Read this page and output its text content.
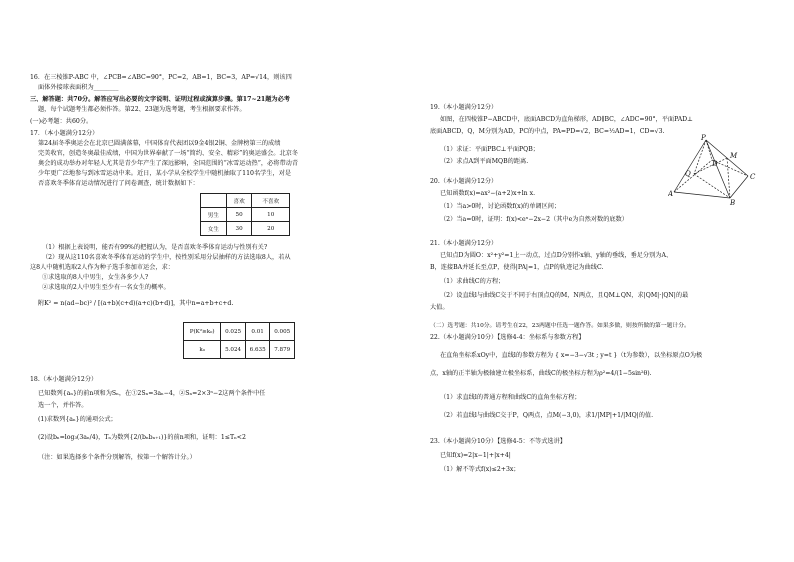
16．在三棱锥P-ABC 中，∠PCB=∠ABC=90°，PC=2，AB=1，BC=3，AP=√14，则该四
面体外接球表面积为________
三、解答题：共70分。解答应写出必要的文字说明、证明过程或演算步骤。第17~21题为必考
题，每个试题考生都必须作答。第22、23题为选考题，考生根据要求作答。
(一)必考题：共60分。
17．（本小题满分12分）
第24届冬季奥运会在北京已圆满落幕，中国体育代表团以9金4银2铜、金牌榜第三的成绩
完美收官，创造冬奥最佳成绩，中国为世界奉献了一场“简约、安全、精彩”的奥运盛会。北京冬
奥会的成功举办对年轻人尤其是青少年产生了深远影响，全国范围的“冰雪运动热”，必将带动青
少年更广泛地参与到冰雪运动中来。近日，某小学从全校学生中随机抽取了110名学生，对是
否喜欢冬季体育运动情况进行了问卷调查，统计数据如下：
	喜欢	不喜欢
男生	50	10
女生	30	20
（1）根据上表说明，能否有99%的把握认为，是否喜欢冬季体育运动与性别有关?
（2）现从这110名喜欢冬季体育运动的学生中，按性别采用分层抽样的方法选取8人，若从
这8人中随机选取2人作为种子选手参加市运会，求：
①求选取的8人中男生，女生各多少人?
②求选取的2人中男生至少有一名女生的概率。
附K² = n(ad−bc)² / [(a+b)(c+d)(a+c)(b+d)]，其中n=a+b+c+d.
P(K²≥k₀)	0.025	0.01	0.005
k₀	5.024	6.635	7.879
18.（本小题满分12分）
已知数列{aₙ}的前n项和为Sₙ，在①2Sₙ=3aₙ−4，②Sₙ=2×3ⁿ−2这两个条件中任
选一个，并作答。
(1)求数列{aₙ}的通项公式；
(2)设bₙ=log₃(3aₙ/4)，Tₙ为数列{2/(bₙbₙ₊₁)}的前n项和，证明：1≤Tₙ<2
（注：如果选择多个条件分别解答，按第一个解答计分。）
19.（本小题满分12分）
如图，在四棱锥P−ABCD中，底面ABCD为直角梯形，AD∥BC，∠ADC=90°，平面PAD⊥
底面ABCD，Q，M分别为AD，PC的中点，PA=PD=√2，BC=½AD=1，CD=√3.
（1）求证：平面PBC⊥平面PQB；
（2）求点A到平面MQB的距离.
P
M
D
Q
A
B
C
20.（本小题满分12分）
已知函数f(x)=ax²−(a+2)x+ln x.
（1）当a>0时，讨论函数f(x)的单调区间；
（2）当a=0时，证明：f(x)<eˣ−2x−2（其中e为自然对数的底数）
21.（本小题满分12分）
已知点D为圆O：x²+y²=1上一动点，过点D分别作x轴、y轴的垂线，垂足分别为A、
B，连接BA并延长至点P，使得|PA|=1，点P的轨迹记为曲线C.
（1）求曲线C的方程；
（2）设直线l与曲线C交于不同于右顶点Q的M，N两点，且QM⊥QN，求|QM|·|QN|的最
大值。
（二）选考题：共10分。请考生在22，23两题中任选一题作答。如果多做，则按所做的第一题计分。
22.（本小题满分10分）【选修4-4：坐标系与参数方程】
在直角坐标系xOy中，直线l的参数方程为 { x=−3−√3t ; y=t }（t为参数），以坐标原点O为极
点，x轴的正半轴为极轴建立极坐标系，曲线C的极坐标方程为ρ²=4/(1−5sin²θ).
（1）求直线l的普通方程和曲线C的直角坐标方程；
（2）若直线l与曲线C交于P，Q两点，点M(−3,0)，求1/|MP|+1/|MQ|的值.
23.（本小题满分10分）【选修4-5：不等式选讲】
已知f(x)=2|x−1|+|x+4|
（1）解不等式f(x)≤2+3x；
